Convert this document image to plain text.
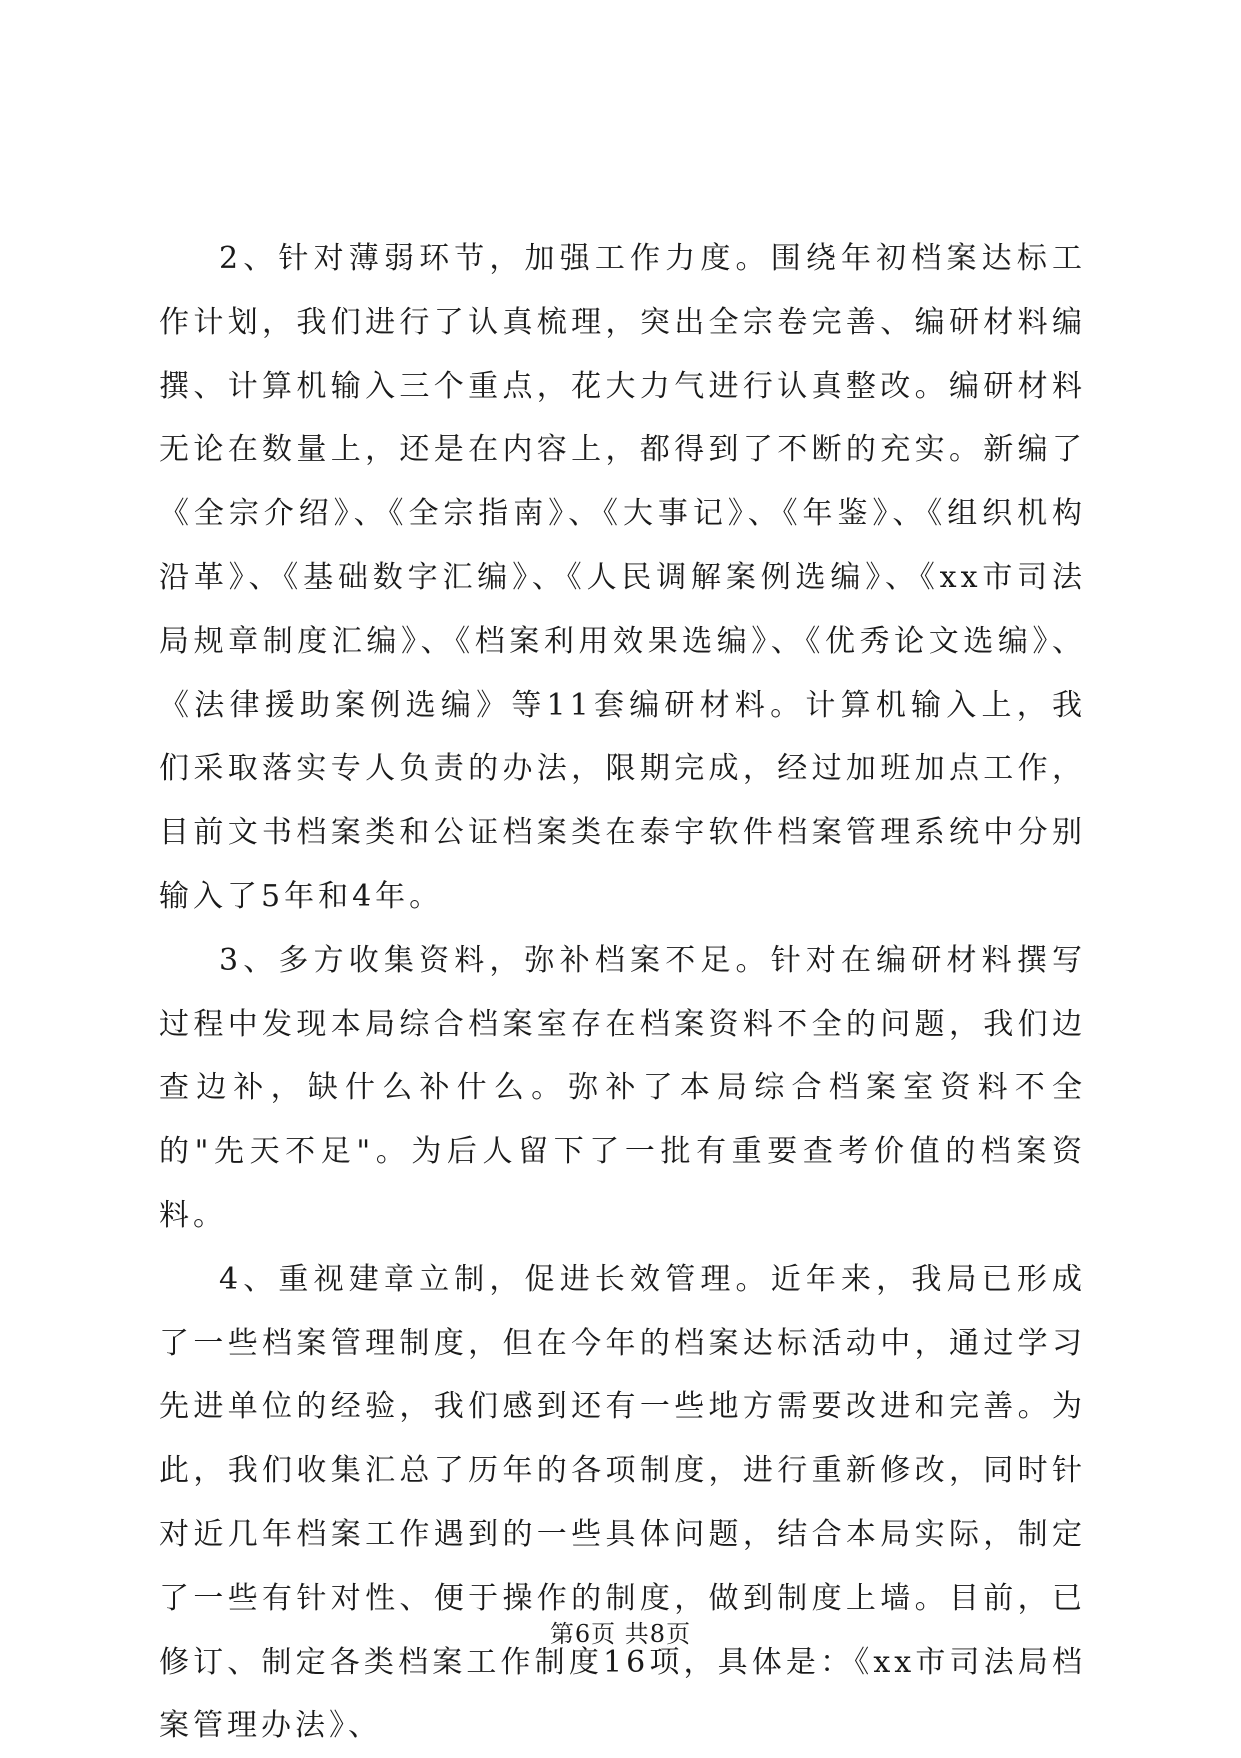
2、针对薄弱环节，加强工作力度。围绕年初档案达标工作计划，我们进行了认真梳理，突出全宗卷完善、编研材料编撰、计算机输入三个重点，花大力气进行认真整改。编研材料无论在数量上，还是在内容上，都得到了不断的充实。新编了《全宗介绍》、《全宗指南》、《大事记》、《年鉴》、《组织机构沿革》、《基础数字汇编》、《人民调解案例选编》、《xx市司法局规章制度汇编》、《档案利用效果选编》、《优秀论文选编》、《法律援助案例选编》等11套编研材料。计算机输入上，我们采取落实专人负责的办法，限期完成，经过加班加点工作，目前文书档案类和公证档案类在泰宇软件档案管理系统中分别输入了5年和4年。

3、多方收集资料，弥补档案不足。针对在编研材料撰写过程中发现本局综合档案室存在档案资料不全的问题，我们边查边补，缺什么补什么。弥补了本局综合档案室资料不全的"先天不足"。为后人留下了一批有重要查考价值的档案资料。

4、重视建章立制，促进长效管理。近年来，我局已形成了一些档案管理制度，但在今年的档案达标活动中，通过学习先进单位的经验，我们感到还有一些地方需要改进和完善。为此，我们收集汇总了历年的各项制度，进行重新修改，同时针对近几年档案工作遇到的一些具体问题，结合本局实际，制定了一些有针对性、便于操作的制度，做到制度上墙。目前，已修订、制定各类档案工作制度16项，具体是：《xx市司法局档案管理办法》、

第6页 共8页
